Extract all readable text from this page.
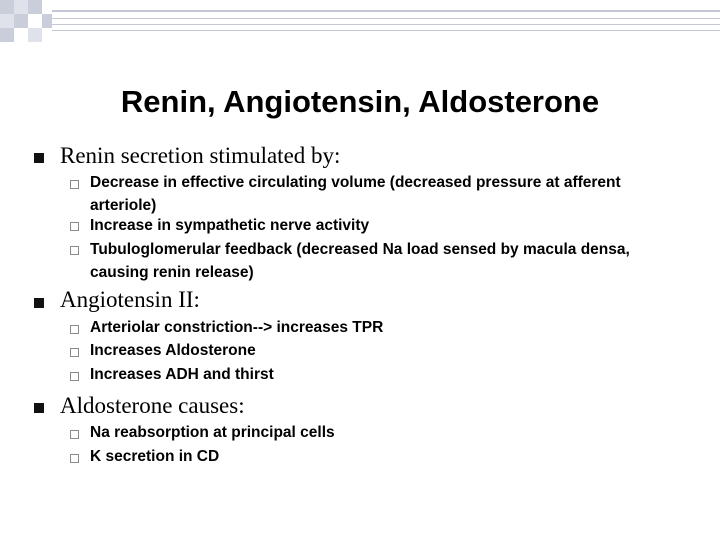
Renin, Angiotensin, Aldosterone
Renin secretion stimulated by:
Decrease in effective circulating volume (decreased pressure at afferent arteriole)
Increase in sympathetic nerve activity
Tubuloglomerular feedback (decreased Na load sensed by macula densa, causing renin release)
Angiotensin II:
Arteriolar constriction--> increases TPR
Increases Aldosterone
Increases ADH and thirst
Aldosterone causes:
Na reabsorption at principal cells
K secretion in CD
